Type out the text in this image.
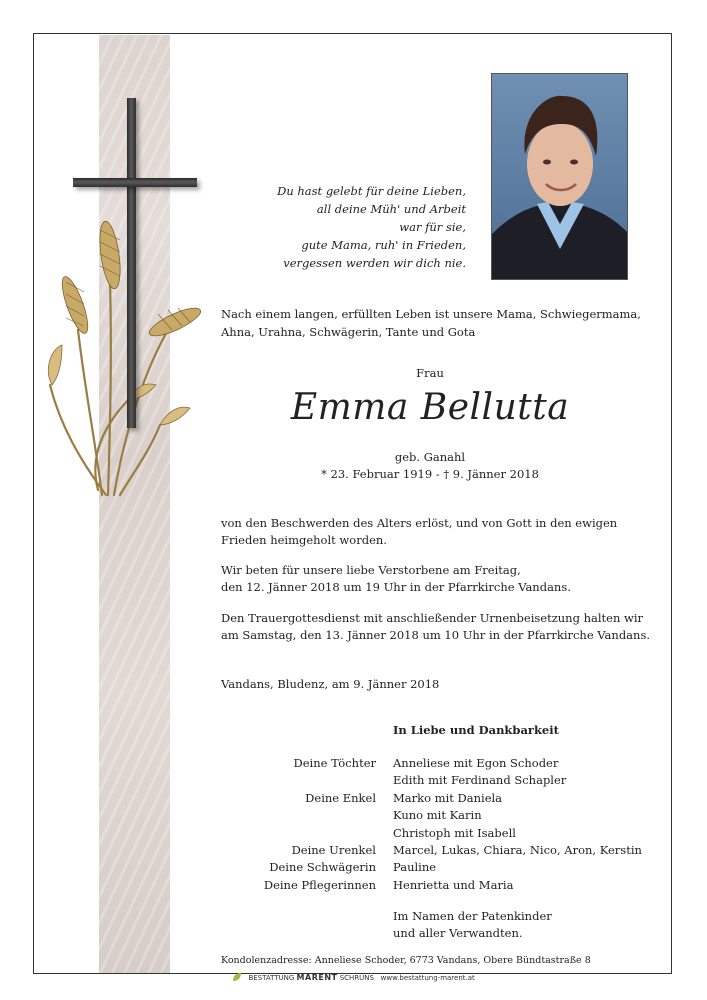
Du hast gelebt für deine Lieben,
all deine Müh' und Arbeit
war für sie,
gute Mama, ruh' in Frieden,
vergessen werden wir dich nie.
Nach einem langen, erfüllten Leben ist unsere Mama, Schwiegermama,
Ahna, Urahna, Schwägerin, Tante und Gota
Frau
Emma Bellutta
geb. Ganahl
* 23. Februar 1919 - † 9. Jänner 2018
von den Beschwerden des Alters erlöst, und von Gott in den ewigen
Frieden heimgeholt worden.
Wir beten für unsere liebe Verstorbene am Freitag,
den 12. Jänner 2018 um 19 Uhr in der Pfarrkirche Vandans.
Den Trauergottesdienst mit anschließender Urnenbeisetzung halten wir
am Samstag, den 13. Jänner 2018 um 10 Uhr in der Pfarrkirche Vandans.
Vandans, Bludenz, am 9. Jänner 2018
In Liebe und Dankbarkeit
Deine Töchter Anneliese mit Egon Schoder
Edith mit Ferdinand Schapler
Deine Enkel Marko mit Daniela
Kuno mit Karin
Christoph mit Isabell
Deine Urenkel Marcel, Lukas, Chiara, Nico, Aron, Kerstin
Deine Schwägerin Pauline
Deine Pflegerinnen Henrietta und Maria
Im Namen der Patenkinder
und aller Verwandten.
Kondolenzadresse: Anneliese Schoder, 6773 Vandans, Obere Bündtastraße 8
BESTATTUNG MARENT SCHRUNS www.bestattung-marent.at
